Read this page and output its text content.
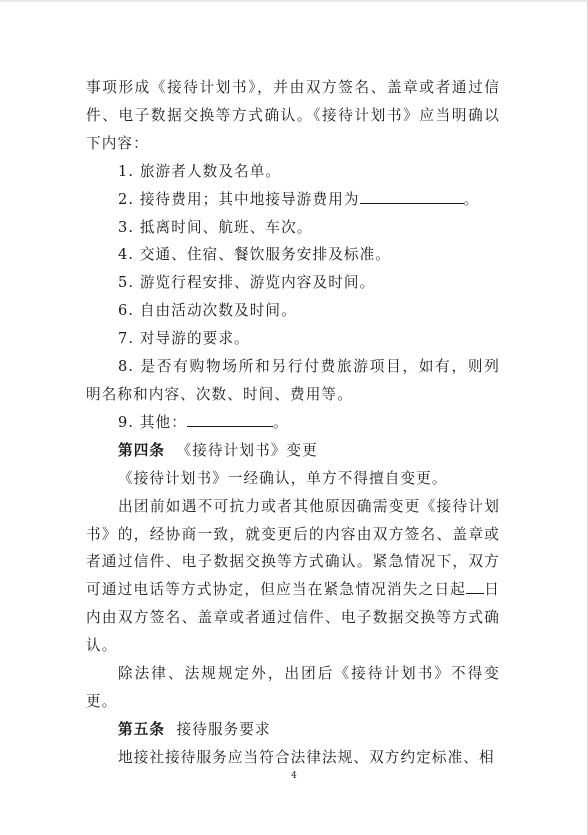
事项形成《接待计划书》，并由双方签名、盖章或者通过信件、电子数据交换等方式确认。《接待计划书》应当明确以下内容：

1. 旅游者人数及名单。

2. 接待费用；其中地接导游费用为	。

3. 抵离时间、航班、车次。

4. 交通、住宿、餐饮服务安排及标准。

5. 游览行程安排、游览内容及时间。

6. 自由活动次数及时间。

7. 对导游的要求。

8. 是否有购物场所和另行付费旅游项目，如有，则列明名称和内容、次数、时间、费用等。

9. 其他：	。

第四条 《接待计划书》变更

《接待计划书》一经确认，单方不得擅自变更。

出团前如遇不可抗力或者其他原因确需变更《接待计划书》的，经协商一致，就变更后的内容由双方签名、盖章或者通过信件、电子数据交换等方式确认。紧急情况下，双方可通过电话等方式协定，但应当在紧急情况消失之日起 日内由双方签名、盖章或者通过信件、电子数据交换等方式确认。

除法律、法规规定外，出团后《接待计划书》不得变更。

第五条 接待服务要求

地接社接待服务应当符合法律法规、双方约定标准、相

4
